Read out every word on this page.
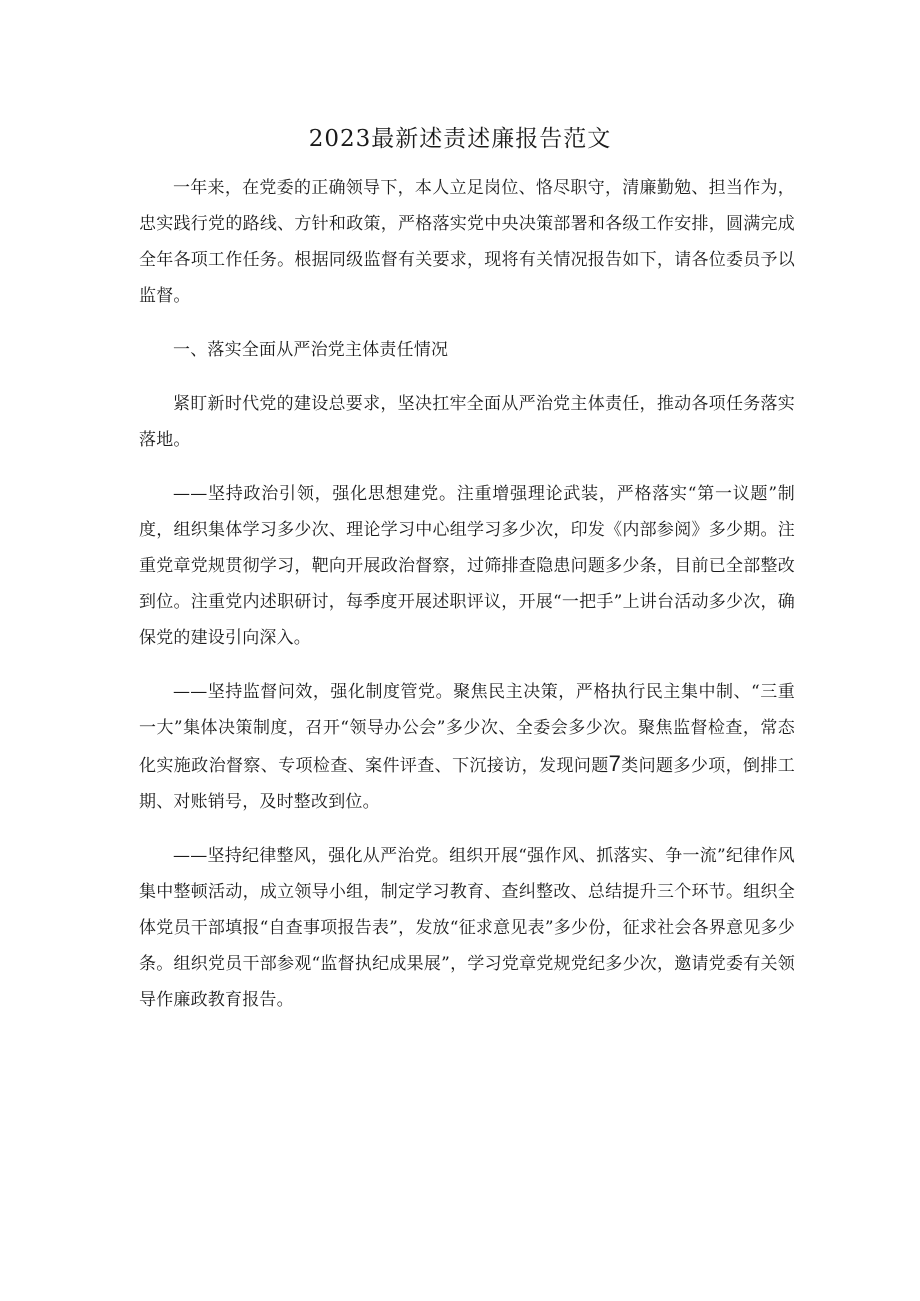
2023最新述责述廉报告范文

一年来，在党委的正确领导下，本人立足岗位、恪尽职守，清廉勤勉、担当作为，忠实践行党的路线、方针和政策，严格落实党中央决策部署和各级工作安排，圆满完成全年各项工作任务。根据同级监督有关要求，现将有关情况报告如下，请各位委员予以监督。

一、落实全面从严治党主体责任情况

紧盯新时代党的建设总要求，坚决扛牢全面从严治党主体责任，推动各项任务落实落地。

——坚持政治引领，强化思想建党。注重增强理论武装，严格落实“第一议题”制度，组织集体学习多少次、理论学习中心组学习多少次，印发《内部参阅》多少期。注重党章党规贯彻学习，靶向开展政治督察，过筛排查隐患问题多少条，目前已全部整改到位。注重党内述职研讨，每季度开展述职评议，开展“一把手”上讲台活动多少次，确保党的建设引向深入。

——坚持监督问效，强化制度管党。聚焦民主决策，严格执行民主集中制、“三重一大”集体决策制度，召开“领导办公会”多少次、全委会多少次。聚焦监督检查，常态化实施政治督察、专项检查、案件评查、下沉接访，发现问题7类问题多少项，倒排工期、对账销号，及时整改到位。

——坚持纪律整风，强化从严治党。组织开展“强作风、抓落实、争一流”纪律作风集中整顿活动，成立领导小组，制定学习教育、查纠整改、总结提升三个环节。组织全体党员干部填报“自查事项报告表”，发放“征求意见表”多少份，征求社会各界意见多少条。组织党员干部参观“监督执纪成果展”，学习党章党规党纪多少次，邀请党委有关领导作廉政教育报告。
